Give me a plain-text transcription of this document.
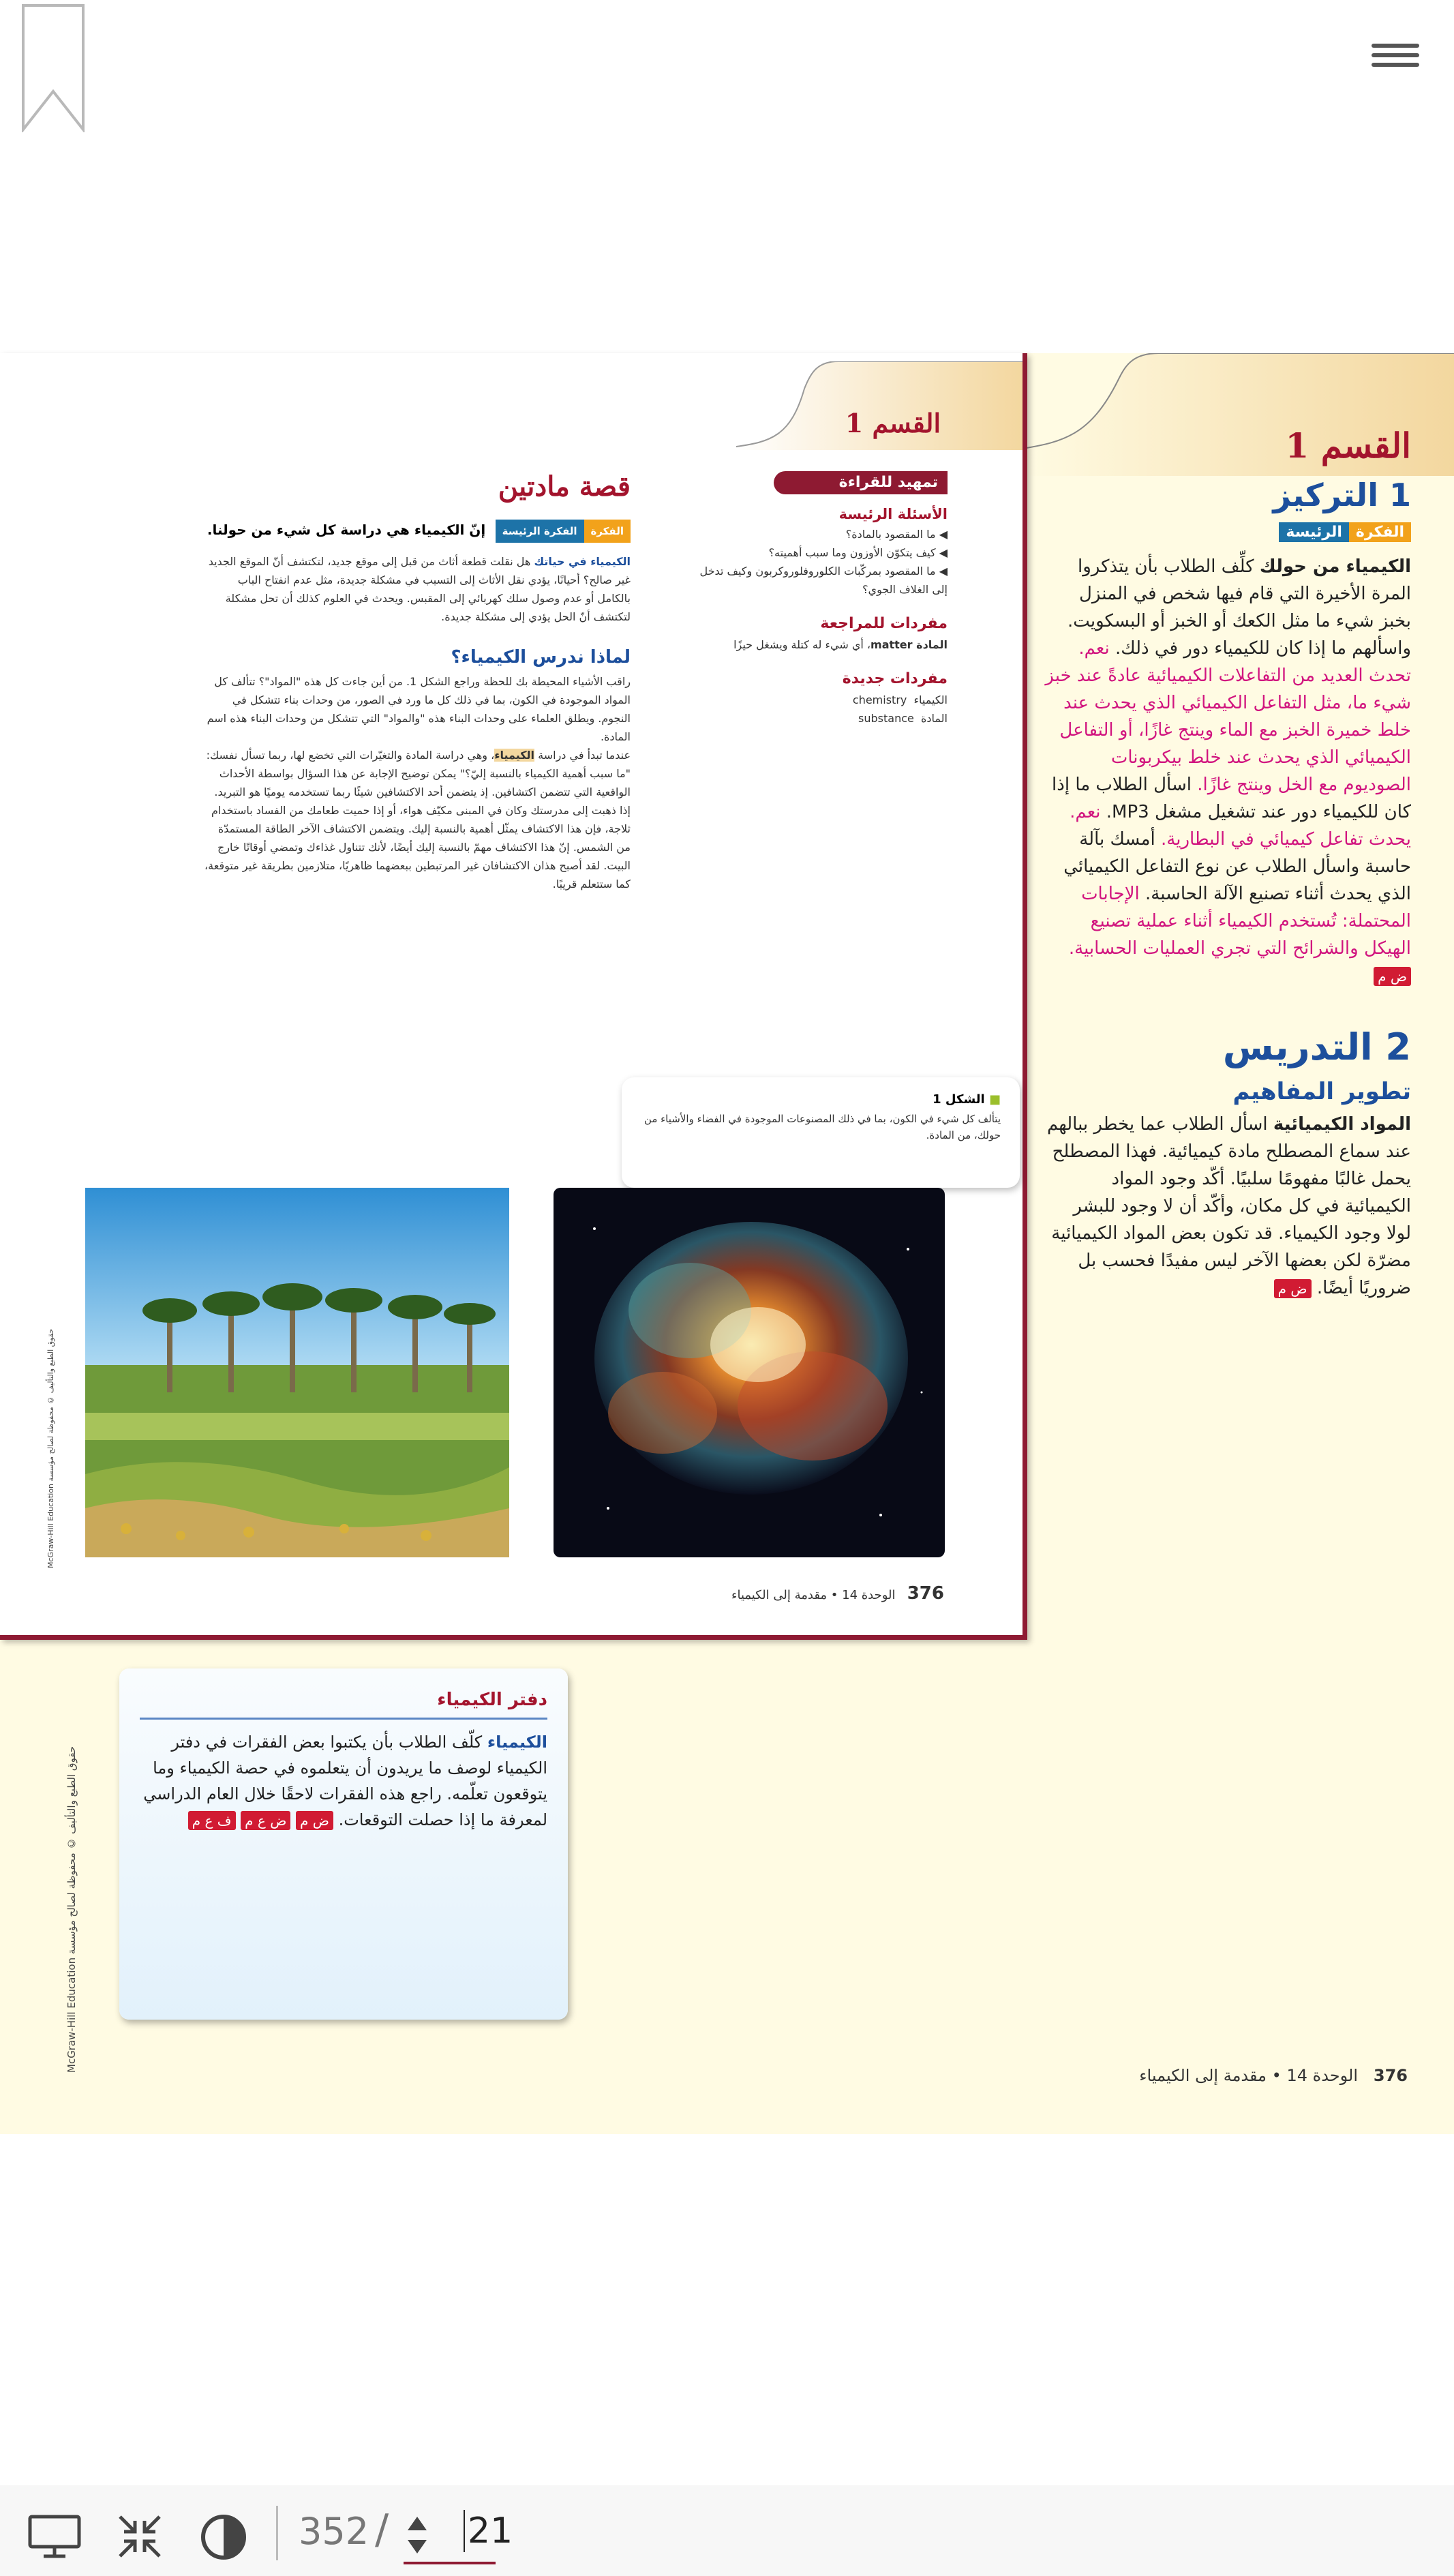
القسم 1
1 التركيز
الفكرةالرئيسة

الكيمياء من حولك كلِّف الطلاب بأن يتذكروا المرة الأخيرة التي قام فيها شخص في المنزل بخبز شيء ما مثل الكعك أو الخبز أو البسكويت. واسألهم ما إذا كان للكيمياء دور في ذلك. نعم. تحدث العديد من التفاعلات الكيميائية عادةً عند خبز شيء ما، مثل التفاعل الكيميائي الذي يحدث عند خلط خميرة الخبز مع الماء وينتج غازًا، أو التفاعل الكيميائي الذي يحدث عند خلط بيكربونات الصوديوم مع الخل وينتج غازًا. اسأل الطلاب ما إذا كان للكيمياء دور عند تشغيل مشغل MP3. نعم. يحدث تفاعل كيميائي في البطارية. أمسك بآلة حاسبة واسأل الطلاب عن نوع التفاعل الكيميائي الذي يحدث أثناء تصنيع الآلة الحاسبة. الإجابات المحتملة: تُستخدم الكيمياء أثناء عملية تصنيع الهيكل والشرائح التي تجري العمليات الحسابية. ض م

2 التدريس
تطوير المفاهيم

المواد الكيميائية اسأل الطلاب عما يخطر ببالهم عند سماع المصطلح مادة كيميائية. فهذا المصطلح يحمل غالبًا مفهومًا سلبيًا. أكّد وجود المواد الكيميائية في كل مكان، وأكّد أن لا وجود للبشر لولا وجود الكيمياء. قد تكون بعض المواد الكيميائية مضرّة لكن بعضها الآخر ليس مفيدًا فحسب بل ضروريًا أيضًا. ض م

376   الوحدة 14 • مقدمة إلى الكيمياء
القسم 1
تمهيد للقراءة
الأسئلة الرئيسة
◀ ما المقصود بالمادة؟
◀ كيف يتكوّن الأوزون وما سبب أهميته؟
◀ ما المقصود بمركّبات الكلوروفلوروكربون وكيف تدخل إلى الغلاف الجوي؟
مفردات للمراجعة
المادة matter، أي شيء له كتلة ويشغل حيزًا
مفردات جديدة
الكيمياء  chemistry
المادة  substance
قصة مادتين
الفكرةالفكرة الرئيسة إنّ الكيمياء هي دراسة كل شيء من حولنا.

الكيمياء في حياتك هل نقلت قطعة أثاث من قبل إلى موقع جديد، لتكتشف أنّ الموقع الجديد غير صالح؟ أحيانًا، يؤدي نقل الأثاث إلى التسبب في مشكلة جديدة، مثل عدم انفتاح الباب بالكامل أو عدم وصول سلك كهربائي إلى المقبس. ويحدث في العلوم كذلك أن تحل مشكلة لتكتشف أنّ الحل يؤدي إلى مشكلة جديدة.

لماذا ندرس الكيمياء؟

راقب الأشياء المحيطة بك للحظة وراجع الشكل 1. من أين جاءت كل هذه "المواد"؟ تتألف كل المواد الموجودة في الكون، بما في ذلك كل ما ورد في الصور، من وحدات بناء تتشكل في النجوم. ويطلق العلماء على وحدات البناء هذه "والمواد" التي تتشكل من وحدات البناء هذه اسم المادة.

عندما تبدأ في دراسة الكيمياء، وهي دراسة المادة والتغيّرات التي تخضع لها، ربما تسأل نفسك: "ما سبب أهمية الكيمياء بالنسبة إليّ؟" يمكن توضيح الإجابة عن هذا السؤال بواسطة الأحداث الواقعية التي تتضمن اكتشافين. إذ يتضمن أحد الاكتشافين شيئًا ربما تستخدمه يوميًا هو التبريد. إذا ذهبت إلى مدرستك وكان في المبنى مكيّف هواء، أو إذا حميت طعامك من الفساد باستخدام ثلاجة، فإن هذا الاكتشاف يمثّل أهمية بالنسبة إليك. ويتضمن الاكتشاف الآخر الطاقة المستمدّة من الشمس. إنّ هذا الاكتشاف مهمّ بالنسبة إليك أيضًا، لأنك تتناول غذاءك وتمضي أوقاتًا خارج البيت. لقد أصبح هذان الاكتشافان غير المرتبطين ببعضهما ظاهريًا، متلازمين بطريقة غير متوقعة، كما ستتعلم قريبًا.

■ الشكل 1
يتألف كل شيء في الكون، بما في ذلك المصنوعات الموجودة في الفضاء والأشياء من حولك، من المادة.
376   الوحدة 14 • مقدمة إلى الكيمياء
McGraw-Hill Education حقوق الطبع والتأليف © محفوظة لصالح مؤسسة
McGraw-Hill Education حقوق الطبع والتأليف © محفوظة لصالح مؤسسة
دفتر الكيمياء

الكيمياء كلّف الطلاب بأن يكتبوا بعض الفقرات في دفتر الكيمياء لوصف ما يريدون أن يتعلموه في حصة الكيمياء وما يتوقعون تعلّمه. راجع هذه الفقرات لاحقًا خلال العام الدراسي لمعرفة ما إذا حصلت التوقعات. ض م ض ع م ف ع م

352 / 21
